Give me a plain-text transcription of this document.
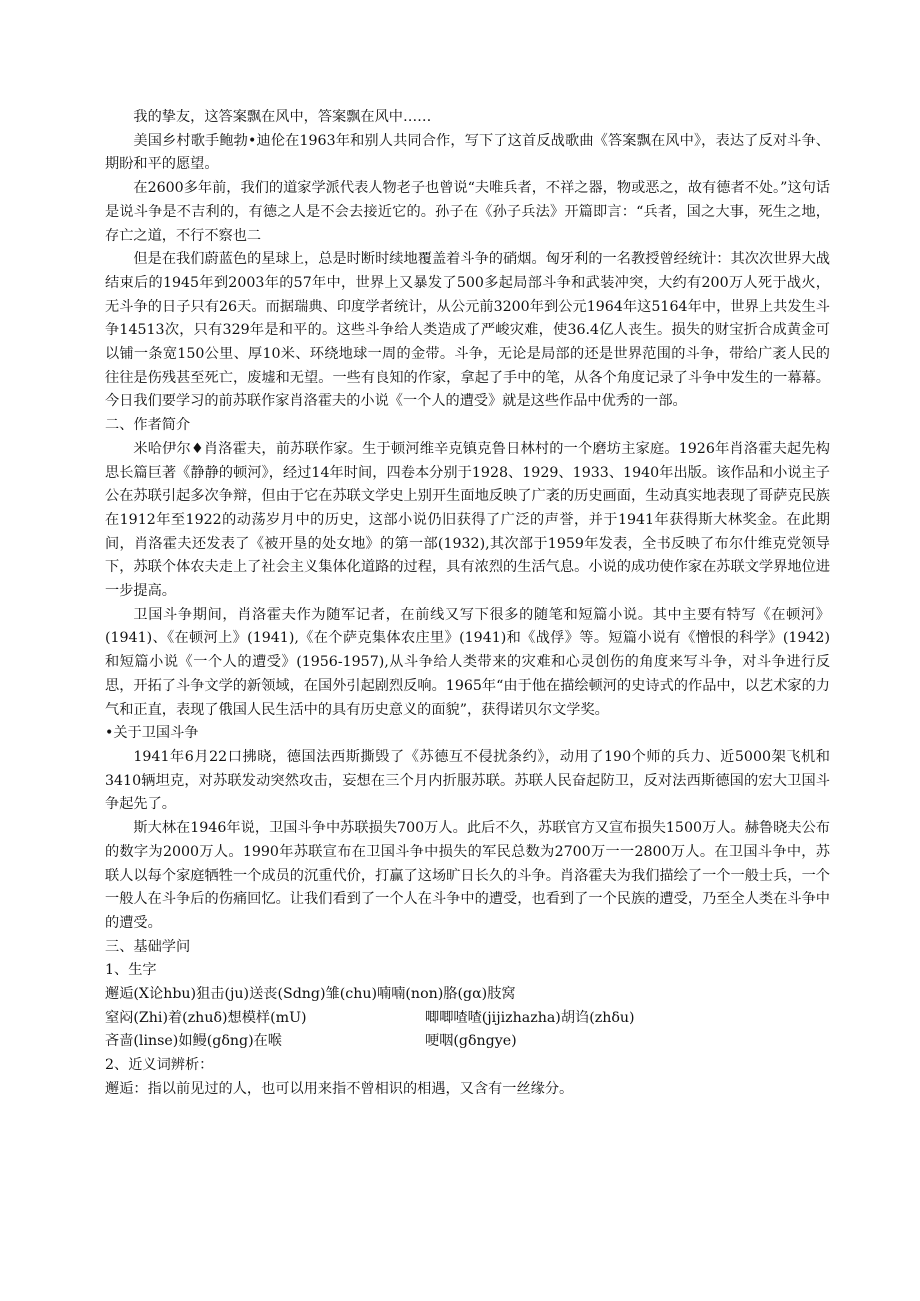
我的挚友，这答案飘在风中，答案飘在风中……

美国乡村歌手鲍勃•迪伦在1963年和别人共同合作，写下了这首反战歌曲《答案飘在风中》，表达了反对斗争、期盼和平的愿望。

在2600多年前，我们的道家学派代表人物老子也曾说“夫唯兵者，不祥之器，物或恶之，故有德者不处。”这句话是说斗争是不吉利的，有德之人是不会去接近它的。孙子在《孙子兵法》开篇即言：“兵者，国之大事，死生之地，存亡之道，不行不察也二

但是在我们蔚蓝色的星球上，总是时断时续地覆盖着斗争的硝烟。匈牙利的一名教授曾经统计：其次次世界大战结束后的1945年到2003年的57年中，世界上又暴发了500多起局部斗争和武装冲突，大约有200万人死于战火，无斗争的日子只有26天。而据瑞典、印度学者统计，从公元前3200年到公元1964年这5164年中，世界上共发生斗争14513次，只有329年是和平的。这些斗争给人类造成了严峻灾难，使36.4亿人丧生。损失的财宝折合成黄金可以铺一条宽150公里、厚10米、环绕地球一周的金带。斗争，无论是局部的还是世界范围的斗争，带给广袤人民的往往是伤残甚至死亡，废墟和无望。一些有良知的作家，拿起了手中的笔，从各个角度记录了斗争中发生的一幕幕。今日我们要学习的前苏联作家肖洛霍夫的小说《一个人的遭受》就是这些作品中优秀的一部。

二、作者简介

米哈伊尔♦肖洛霍夫，前苏联作家。生于顿河维辛克镇克鲁日林村的一个磨坊主家庭。1926年肖洛霍夫起先构思长篇巨著《静静的顿河》，经过14年时间，四卷本分别于1928、1929、1933、1940年出版。该作品和小说主子公在苏联引起多次争辩，但由于它在苏联文学史上别开生面地反映了广袤的历史画面，生动真实地表现了哥萨克民族在1912年至1922的动荡岁月中的历史，这部小说仍旧获得了广泛的声誉，并于1941年获得斯大林奖金。在此期间，肖洛霍夫还发表了《被开垦的处女地》的第一部(1932),其次部于1959年发表，全书反映了布尔什维克党领导下，苏联个体农夫走上了社会主义集体化道路的过程，具有浓烈的生活气息。小说的成功使作家在苏联文学界地位进一步提高。

卫国斗争期间，肖洛霍夫作为随军记者，在前线又写下很多的随笔和短篇小说。其中主要有特写《在顿河》(1941)、《在顿河上》(1941),《在个萨克集体农庄里》(1941)和《战俘》等。短篇小说有《憎恨的科学》(1942)和短篇小说《一个人的遭受》(1956-1957),从斗争给人类带来的灾难和心灵创伤的角度来写斗争，对斗争进行反思，开拓了斗争文学的新领域，在国外引起剧烈反响。1965年“由于他在描绘顿河的史诗式的作品中，以艺术家的力气和正直，表现了俄国人民生活中的具有历史意义的面貌”，获得诺贝尔文学奖。

•关于卫国斗争

1941年6月22口拂晓，德国法西斯撕毁了《苏德互不侵扰条约》，动用了190个师的兵力、近5000架飞机和3410辆坦克，对苏联发动突然攻击，妄想在三个月内折服苏联。苏联人民奋起防卫，反对法西斯德国的宏大卫国斗争起先了。

斯大林在1946年说，卫国斗争中苏联损失700万人。此后不久，苏联官方又宣布损失1500万人。赫鲁晓夫公布的数字为2000万人。1990年苏联宣布在卫国斗争中损失的军民总数为2700万一一2800万人。在卫国斗争中，苏联人以每个家庭牺牲一个成员的沉重代价，打赢了这场旷日长久的斗争。肖洛霍夫为我们描绘了一个一般士兵，一个一般人在斗争后的伤痛回忆。让我们看到了一个人在斗争中的遭受，也看到了一个民族的遭受，乃至全人类在斗争中的遭受。

三、基础学问

1、生字

邂逅(X论hbu)狙击(ju)送丧(Sdng)雏(chu)喃喃(non)胳(gα)肢窝

窒闷(Zhi)着(zhuδ)想模样(mU)	唧唧喳喳(jijizhazha)胡诌(zhδu)
吝啬(linse)如鳗(gδng)在喉	哽咽(gδngye)

2、近义词辨析：

邂逅：指以前见过的人，也可以用来指不曾相识的相遇，又含有一丝缘分。
